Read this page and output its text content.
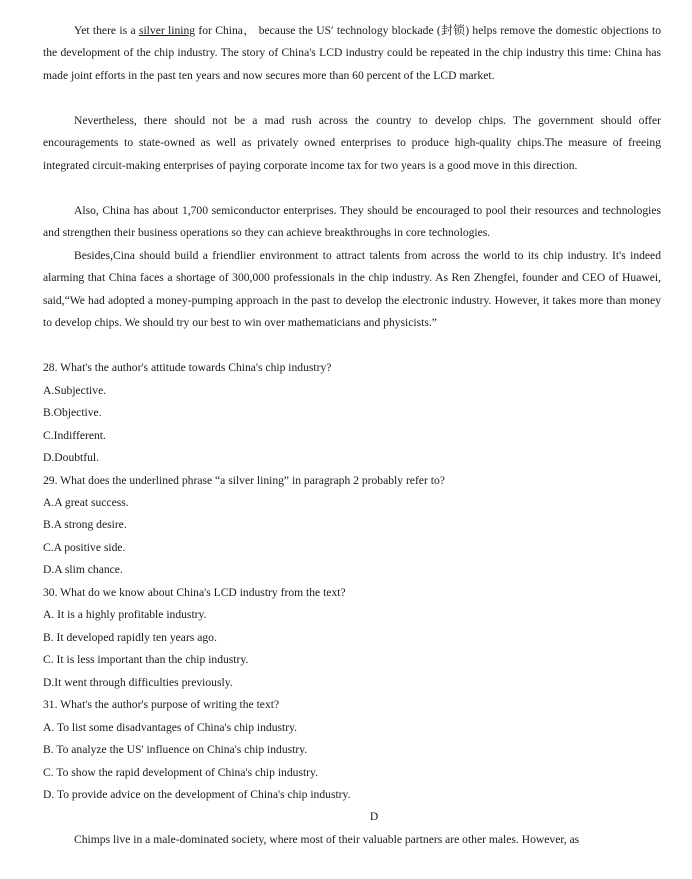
Yet there is a silver lining for China， because the US′ technology blockade (封锁) helps remove the domestic objections to the development of the chip industry. The story of China's LCD industry could be repeated in the chip industry this time: China has made joint efforts in the past ten years and now secures more than 60 percent of the LCD market.

Nevertheless, there should not be a mad rush across the country to develop chips. The government should offer encouragements to state-owned as well as privately owned enterprises to produce high-quality chips.The measure of freeing integrated circuit-making enterprises of paying corporate income tax for two years is a good move in this direction.

Also, China has about 1,700 semiconductor enterprises. They should be encouraged to pool their resources and technologies and strengthen their business operations so they can achieve breakthroughs in core technologies.

Besides,Cina should build a friendlier environment to attract talents from across the world to its chip industry. It's indeed alarming that China faces a shortage of 300,000 professionals in the chip industry. As Ren Zhengfei, founder and CEO of Huawei, said,“We had adopted a money-pumping approach in the past to develop the electronic industry. However, it takes more than money to develop chips. We should try our best to win over mathematicians and physicists.”

28. What's the author's attitude towards China's chip industry?

A.Subjective.

B.Objective.

C.Indifferent.

D.Doubtful.

29. What does the underlined phrase “a silver lining” in paragraph 2 probably refer to?

A.A great success.

B.A strong desire.

C.A positive side.

D.A slim chance.

30. What do we know about China's LCD industry from the text?

A. It is a highly profitable industry.

B. It developed rapidly ten years ago.

C. It is less important than the chip industry.

D.It went through difficulties previously.

31. What's the author's purpose of writing the text?

A. To list some disadvantages of China's chip industry.

B. To analyze the US' influence on China's chip industry.

C. To show the rapid development of China's chip industry.

D. To provide advice on the development of China's chip industry.

D

Chimps live in a male-dominated society, where most of their valuable partners are other males. However, as
